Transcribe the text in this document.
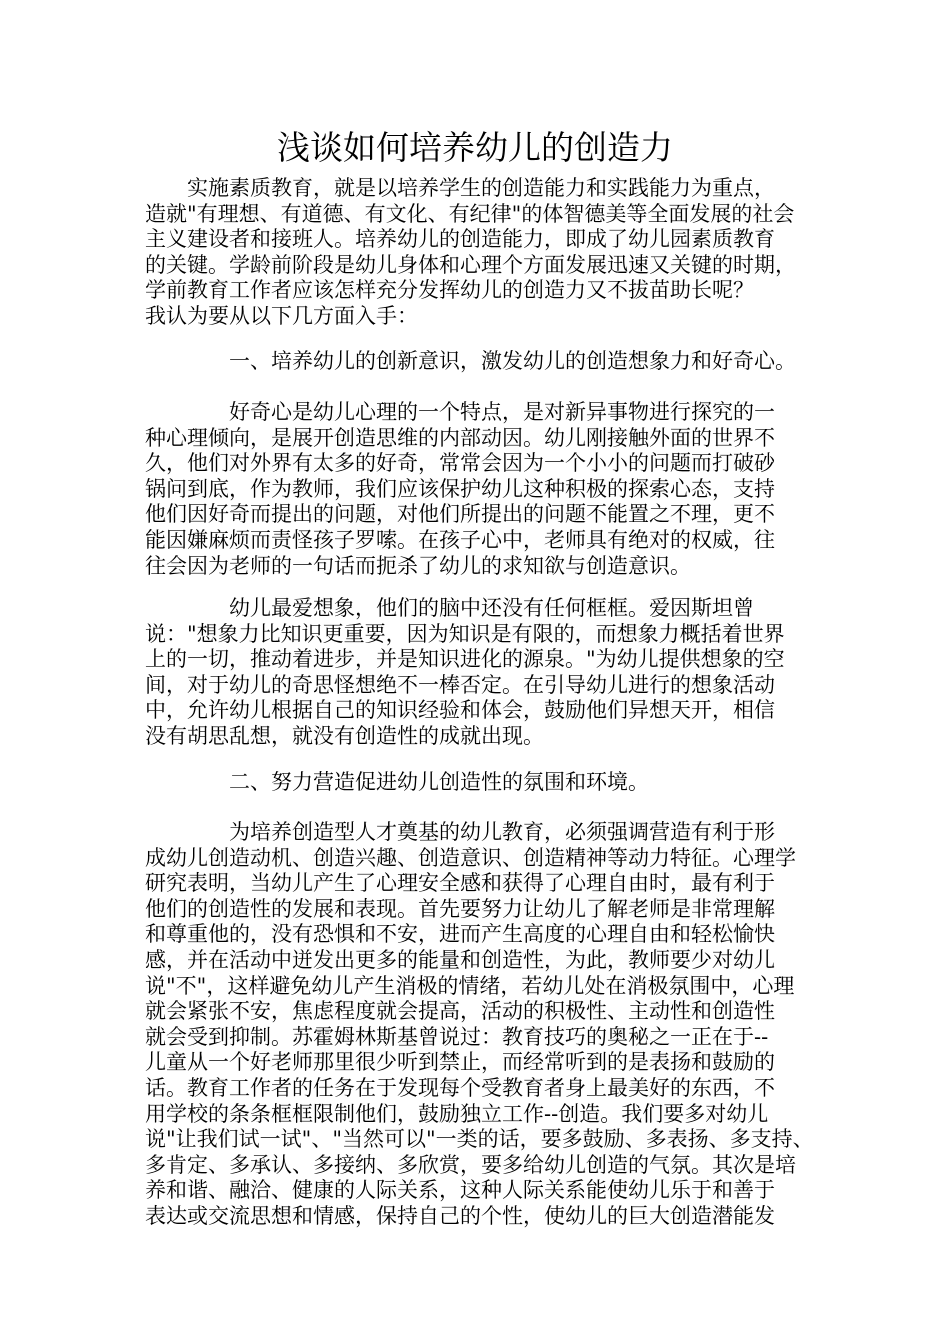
浅谈如何培养幼儿的创造力
　　实施素质教育，就是以培养学生的创造能力和实践能力为重点，
造就"有理想、有道德、有文化、有纪律"的体智德美等全面发展的社会
主义建设者和接班人。培养幼儿的创造能力，即成了幼儿园素质教育
的关键。学龄前阶段是幼儿身体和心理个方面发展迅速又关键的时期，
学前教育工作者应该怎样充分发挥幼儿的创造力又不拔苗助长呢？
我认为要从以下几方面入手：
　　　　一、培养幼儿的创新意识，激发幼儿的创造想象力和好奇心。
　　　　好奇心是幼儿心理的一个特点，是对新异事物进行探究的一
种心理倾向，是展开创造思维的内部动因。幼儿刚接触外面的世界不
久，他们对外界有太多的好奇，常常会因为一个小小的问题而打破砂
锅问到底，作为教师，我们应该保护幼儿这种积极的探索心态，支持
他们因好奇而提出的问题，对他们所提出的问题不能置之不理，更不
能因嫌麻烦而责怪孩子罗嗦。在孩子心中，老师具有绝对的权威，往
往会因为老师的一句话而扼杀了幼儿的求知欲与创造意识。
　　　　幼儿最爱想象，他们的脑中还没有任何框框。爱因斯坦曾
说："想象力比知识更重要，因为知识是有限的，而想象力概括着世界
上的一切，推动着进步，并是知识进化的源泉。"为幼儿提供想象的空
间，对于幼儿的奇思怪想绝不一棒否定。在引导幼儿进行的想象活动
中，允许幼儿根据自己的知识经验和体会，鼓励他们异想天开，相信
没有胡思乱想，就没有创造性的成就出现。
　　　　二、努力营造促进幼儿创造性的氛围和环境。
　　　　为培养创造型人才奠基的幼儿教育，必须强调营造有利于形
成幼儿创造动机、创造兴趣、创造意识、创造精神等动力特征。心理学
研究表明，当幼儿产生了心理安全感和获得了心理自由时，最有利于
他们的创造性的发展和表现。首先要努力让幼儿了解老师是非常理解
和尊重他的，没有恐惧和不安，进而产生高度的心理自由和轻松愉快
感，并在活动中迸发出更多的能量和创造性，为此，教师要少对幼儿
说"不"，这样避免幼儿产生消极的情绪，若幼儿处在消极氛围中，心理
就会紧张不安，焦虑程度就会提高，活动的积极性、主动性和创造性
就会受到抑制。苏霍姆林斯基曾说过：教育技巧的奥秘之一正在于--
儿童从一个好老师那里很少听到禁止，而经常听到的是表扬和鼓励的
话。教育工作者的任务在于发现每个受教育者身上最美好的东西，不
用学校的条条框框限制他们，鼓励独立工作--创造。我们要多对幼儿
说"让我们试一试"、"当然可以"一类的话，要多鼓励、多表扬、多支持、
多肯定、多承认、多接纳、多欣赏，要多给幼儿创造的气氛。其次是培
养和谐、融洽、健康的人际关系，这种人际关系能使幼儿乐于和善于
表达或交流思想和情感，保持自己的个性，使幼儿的巨大创造潜能发
